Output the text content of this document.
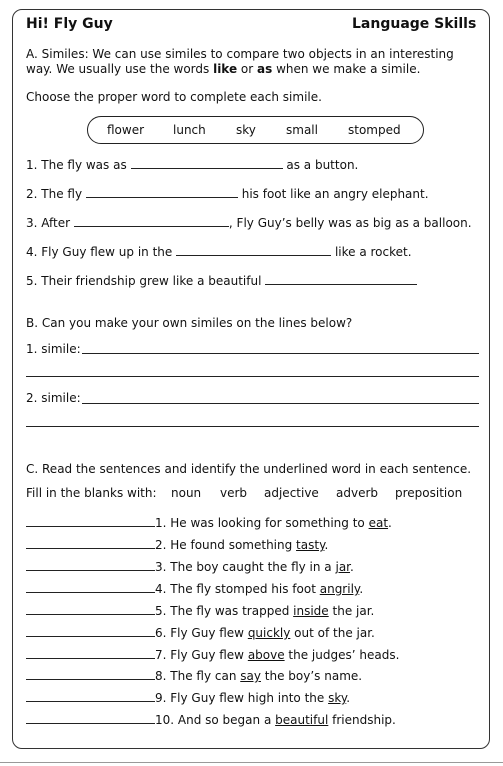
Hi! Fly Guy	Language Skills
A. Similes: We can use similes to compare two objects in an interesting
way. We usually use the words like or as when we make a simile.
Choose the proper word to complete each simile.
flower lunch	sky	small	stomped
1. The fly was as	as a button.
2. The fly	his foot like an angry elephant.
3. After	, Fly Guy’s belly was as big as a balloon.
4. Fly Guy flew up in the	like a rocket.
5. Their friendship grew like a beautiful
B. Can you make your own similes on the lines below?
1. simile:
2. simile:
C. Read the sentences and identify the underlined word in each sentence.
Fill in the blanks with: noun verb adjective adverb preposition
1. He was looking for something to eat.
2. He found something tasty.
3. The boy caught the fly in a jar.
4. The fly stomped his foot angrily.
5. The fly was trapped inside the jar.
6. Fly Guy flew quickly out of the jar.
7. Fly Guy flew above the judges’ heads.
8. The fly can say the boy’s name.
9. Fly Guy flew high into the sky.
10. And so began a beautiful friendship.
